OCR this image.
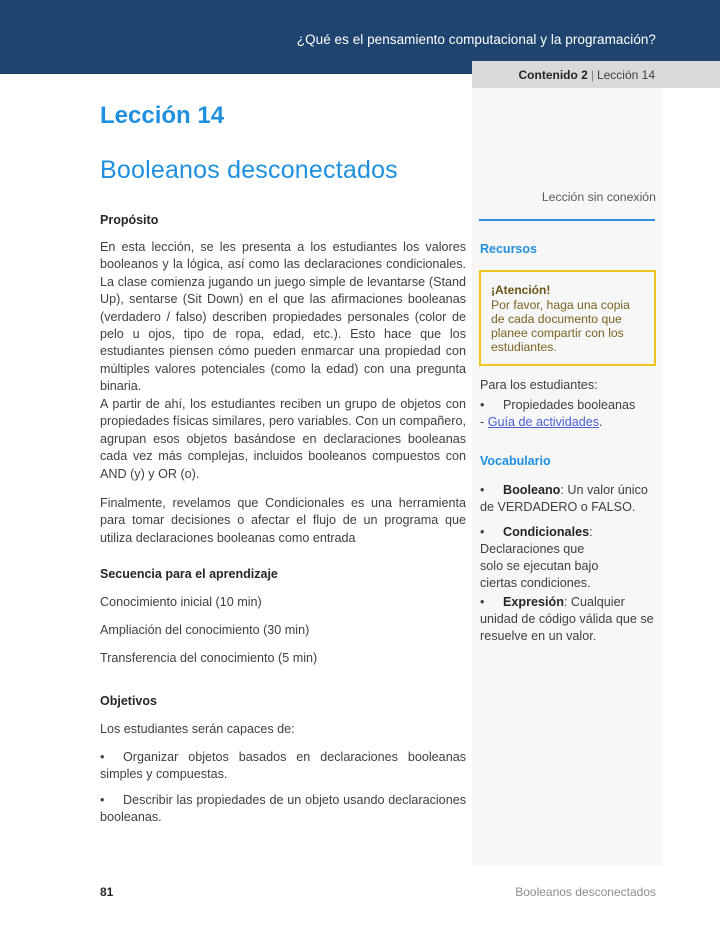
¿Qué es el pensamiento computacional y la programación?
Contenido 2 | Lección 14
Lección 14
Booleanos desconectados
Propósito

En esta lección, se les presenta a los estudiantes los valores booleanos y la lógica, así como las declaraciones condicionales. La clase comienza jugando un juego simple de levantarse (Stand Up), sentarse (Sit Down) en el que las afirmaciones booleanas (verdadero / falso) describen propiedades personales (color de pelo u ojos, tipo de ropa, edad, etc.). Esto hace que los estudiantes piensen cómo pueden enmarcar una propiedad con múltiples valores potenciales (como la edad) con una pregunta binaria.

A partir de ahí, los estudiantes reciben un grupo de objetos con propiedades físicas similares, pero variables. Con un compañero, agrupan esos objetos basándose en declaraciones booleanas cada vez más complejas, incluidos booleanos compuestos con AND (y) y OR (o).

Finalmente, revelamos que Condicionales es una herramienta para tomar decisiones o afectar el flujo de un programa que utiliza declaraciones booleanas como entrada

Secuencia para el aprendizaje
Conocimiento inicial (10 min)
Ampliación del conocimiento (30 min)
Transferencia del conocimiento (5 min)
Objetivos
Los estudiantes serán capaces de:

• Organizar objetos basados en declaraciones booleanas simples y compuestas.

• Describir las propiedades de un objeto usando declaraciones booleanas.

Lección sin conexión
Recursos
¡Atención!
Por favor, haga una copia de cada documento que planee compartir con los estudiantes.
Para los estudiantes:
• Propiedades booleanas
- Guía de actividades.
Vocabulario
• Booleano: Un valor único de VERDADERO o FALSO.
• Condicionales:
Declaraciones que
solo se ejecutan bajo
ciertas condiciones.
• Expresión: Cualquier unidad de código válida que se resuelve en un valor.
81	Booleanos desconectados
